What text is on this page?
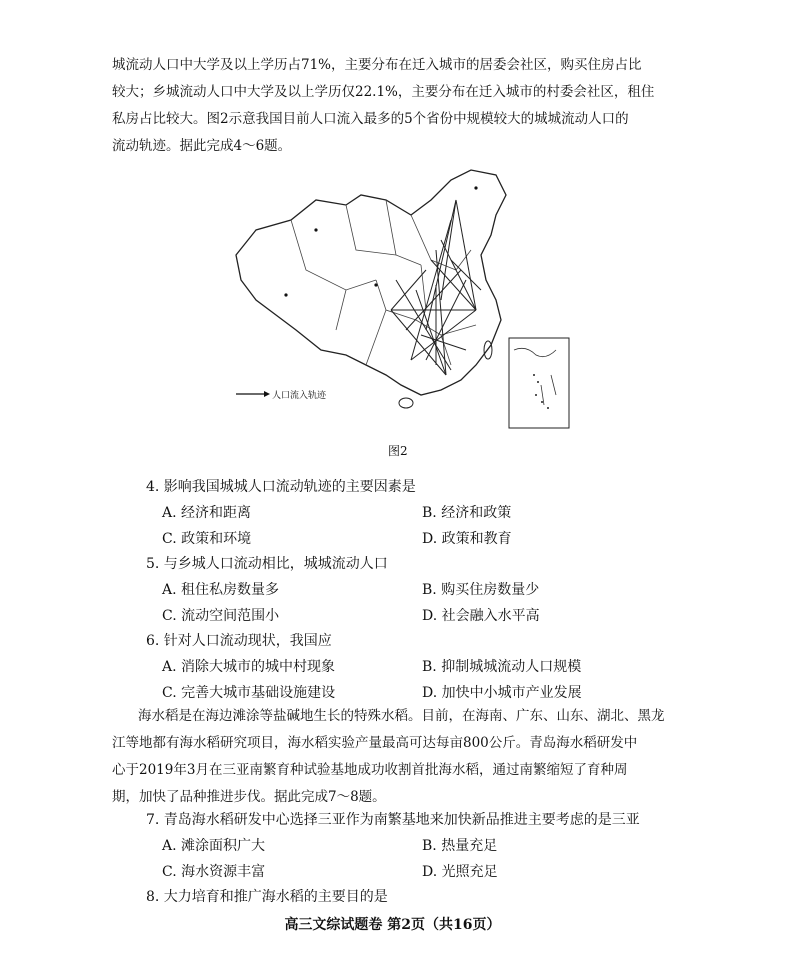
城流动人口中大学及以上学历占71%，主要分布在迁入城市的居委会社区，购买住房占比
较大；乡城流动人口中大学及以上学历仅22.1%，主要分布在迁入城市的村委会社区，租住
私房占比较大。图2示意我国目前人口流入最多的5个省份中规模较大的城城流动人口的
流动轨迹。据此完成4～6题。
人口流入轨迹
图2
4. 影响我国城城人口流动轨迹的主要因素是
A. 经济和距离	B. 经济和政策
C. 政策和环境	D. 政策和教育
5. 与乡城人口流动相比，城城流动人口
A. 租住私房数量多	B. 购买住房数量少
C. 流动空间范围小	D. 社会融入水平高
6. 针对人口流动现状，我国应
A. 消除大城市的城中村现象	B. 抑制城城流动人口规模
C. 完善大城市基础设施建设	D. 加快中小城市产业发展
海水稻是在海边滩涂等盐碱地生长的特殊水稻。目前，在海南、广东、山东、湖北、黑龙
江等地都有海水稻研究项目，海水稻实验产量最高可达每亩800公斤。青岛海水稻研发中
心于2019年3月在三亚南繁育种试验基地成功收割首批海水稻，通过南繁缩短了育种周
期，加快了品种推进步伐。据此完成7～8题。
7. 青岛海水稻研发中心选择三亚作为南繁基地来加快新品推进主要考虑的是三亚
A. 滩涂面积广大	B. 热量充足
C. 海水资源丰富	D. 光照充足
8. 大力培育和推广海水稻的主要目的是
高三文综试题卷 第2页（共16页）
